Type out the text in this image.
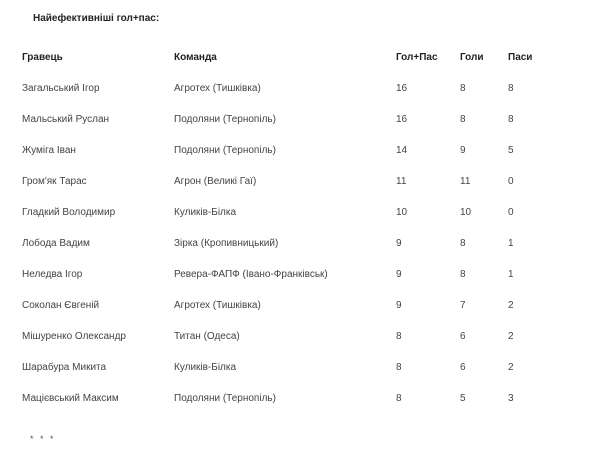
Найефективніші гол+пас:
Гравець	Команда	Гол+Пас	Голи	Паси
Загальський Ігор	Агротех (Тишківка)	16	8	8
Мальський Руслан	Подоляни (Тернопіль)	16	8	8
Жуміга Іван	Подоляни (Тернопіль)	14	9	5
Гром'як Тарас	Агрон (Великі Гаї)	11	11	0
Гладкий Володимир	Куликів-Білка	10	10	0
Лобода Вадим	Зірка (Кропивницький)	9	8	1
Неледва Ігор	Ревера-ФАПФ (Івано-Франківськ)	9	8	1
Соколан Євгеній	Агротех (Тишківка)	9	7	2
Мішуренко Олександр	Титан (Одеса)	8	6	2
Шарабура Микита	Куликів-Білка	8	6	2
Мацієвський Максим	Подоляни (Тернопіль)	8	5	3
* * *
